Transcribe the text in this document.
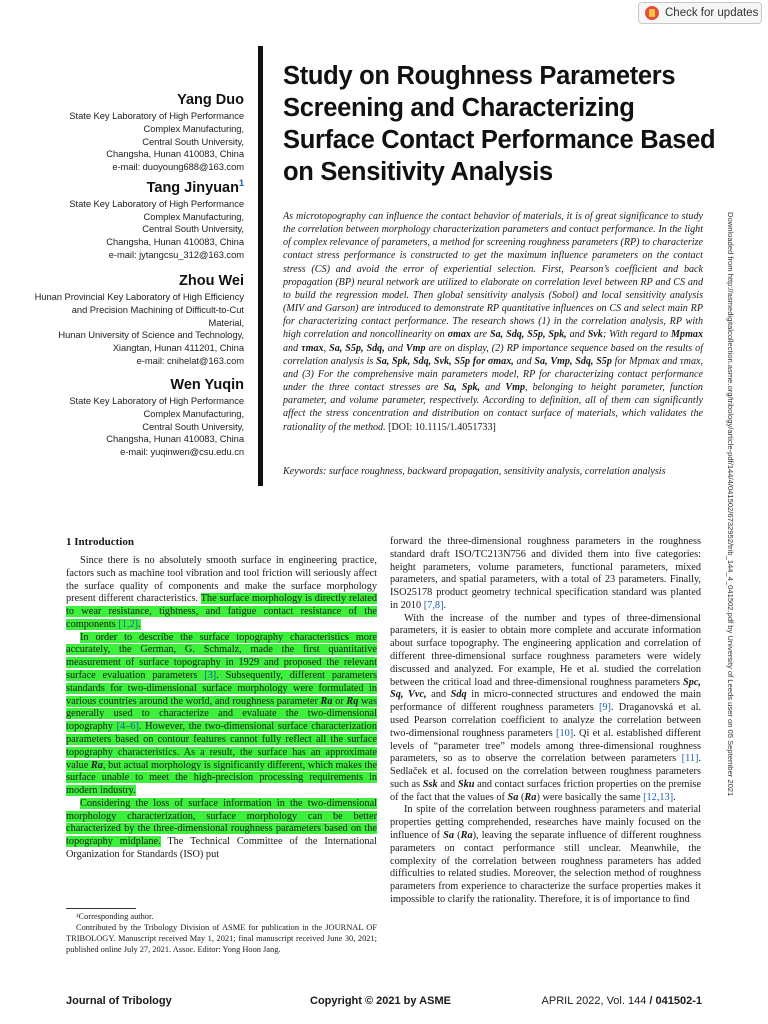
Check for updates
Yang Duo
State Key Laboratory of High Performance
Complex Manufacturing,
Central South University,
Changsha, Hunan 410083, China
e-mail: duoyoung688@163.com
Tang Jinyuan$^1$
State Key Laboratory of High Performance
Complex Manufacturing,
Central South University,
Changsha, Hunan 410083, China
e-mail: jytangcsu_312@163.com
Zhou Wei
Hunan Provincial Key Laboratory of High Efficiency
and Precision Machining of Difficult-to-Cut
Material,
Hunan University of Science and Technology,
Xiangtan, Hunan 411201, China
e-mail: cnihelat@163.com
Wen Yuqin
State Key Laboratory of High Performance
Complex Manufacturing,
Central South University,
Changsha, Hunan 410083, China
e-mail: yuqinwen@csu.edu.cn
Study on Roughness Parameters Screening and Characterizing Surface Contact Performance Based on Sensitivity Analysis
As microtopography can influence the contact behavior of materials, it is of great significance to study the correlation between morphology characterization parameters and contact performance. In the light of complex relevance of parameters, a method for screening roughness parameters (RP) to characterize contact stress performance is constructed to get the maximum influence parameters on the contact stress (CS) and avoid the error of experiential selection. First, Pearson’s coefficient and back propagation (BP) neural network are utilized to elaborate on correlation level between RP and CS and to build the regression model. Then global sensitivity analysis (Sobol) and local sensitivity analysis (MIV and Garson) are introduced to demonstrate RP quantitative influences on CS and select main RP for characterizing contact performance. The research shows (1) in the correlation analysis, RP with high correlation and noncollinearity on σmax are Sa, Sdq, S5p, Spk, and Svk; With regard to Mpmax and τmax, Sa, S5p, Sdq, and Vmp are on display, (2) RP importance sequence based on the results of correlation analysis is Sa, Spk, Sdq, Svk, S5p for σmax, and Sa, Vmp, Sdq, S5p for Mpmax and τmax, and (3) For the comprehensive main parameters model, RP for characterizing contact performance under the three contact stresses are Sa, Spk, and Vmp, belonging to height parameter, function parameter, and volume parameter, respectively. According to definition, all of them can significantly affect the stress concentration and distribution on contact surface of materials, which validates the rationality of the method. [DOI: 10.1115/1.4051733]
Keywords: surface roughness, backward propagation, sensitivity analysis, correlation analysis	Downloaded from http://asmedigitalcollection.asme.org/tribology/article-pdf/144/4/041502/6732952/trib_144_4_041502.pdf by University of Leeds user on 05 September 2021
1 Introduction

Since there is no absolutely smooth surface in engineering practice, factors such as machine tool vibration and tool friction will seriously affect the surface quality of components and make the surface morphology present different characteristics. The surface morphology is directly related to wear resistance, tightness, and fatigue contact resistance of the components [1,2].

In order to describe the surface topography characteristics more accurately, the German, G. Schmalz, made the first quantitative measurement of surface topography in 1929 and proposed the relevant surface evaluation parameters [3]. Subsequently, different parameters standards for two-dimensional surface morphology were formulated in various countries around the world, and roughness parameter Ra or Rq was generally used to characterize and evaluate the two-dimensional topography [4–6]. However, the two-dimensional surface characterization parameters based on contour features cannot fully reflect all the surface topography characteristics. As a result, the surface has an approximate value Ra, but actual morphology is significantly different, which makes the surface unable to meet the high-precision processing requirements in modern industry.

Considering the loss of surface information in the two-dimensional morphology characterization, surface morphology can be better characterized by the three-dimensional roughness parameters based on the topography midplane. The Technical Committee of the International Organization for Standards (ISO) put

forward the three-dimensional roughness parameters in the roughness standard draft ISO/TC213N756 and divided them into five categories: height parameters, volume parameters, functional parameters, mixed parameters, and spatial parameters, with a total of 23 parameters. Finally, ISO25178 product geometry technical specification standard was planted in 2010 [7,8].

With the increase of the number and types of three-dimensional parameters, it is easier to obtain more complete and accurate information about surface topography. The engineering application and correlation of different three-dimensional surface roughness parameters were widely discussed and analyzed. For example, He et al. studied the correlation between the critical load and three-dimensional roughness parameters Spc, Sq, Vvc, and Sdq in micro-connected structures and endowed the main performance of different roughness parameters [9]. Draganovská et al. used Pearson correlation coefficient to analyze the correlation between two-dimensional roughness parameters [10]. Qi et al. established different levels of “parameter tree” models among three-dimensional roughness parameters, so as to observe the correlation between parameters [11]. Sedlaček et al. focused on the correlation between roughness parameters such as Ssk and Sku and contact surfaces friction properties on the premise of the fact that the values of Sa (Ra) were basically the same [12,13].

In spite of the correlation between roughness parameters and material properties getting comprehended, researches have mainly focused on the influence of Sa (Ra), leaving the separate influence of different roughness parameters on contact performance still unclear. Meanwhile, the complexity of the correlation between roughness parameters has added difficulties to related studies. Moreover, the selection method of roughness parameters from experience to characterize the surface properties makes it impossible to clarify the rationality. Therefore, it is of importance to find

¹Corresponding author.

Contributed by the Tribology Division of ASME for publication in the JOURNAL OF TRIBOLOGY. Manuscript received May 1, 2021; final manuscript received June 30, 2021; published online July 27, 2021. Assoc. Editor: Yong Hoon Jang.

Journal of Tribology	Copyright © 2021 by ASME	APRIL 2022, Vol. 144 / 041502-1
